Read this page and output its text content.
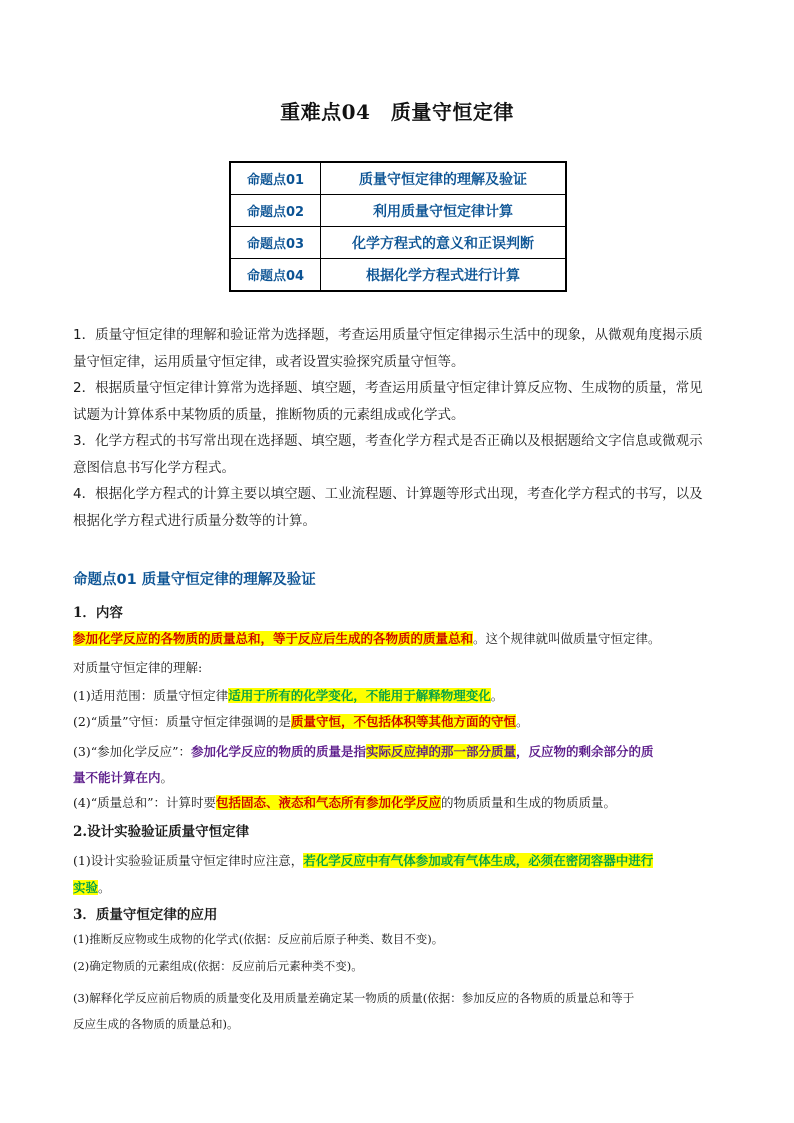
重难点04　质量守恒定律
命题点01	质量守恒定律的理解及验证
命题点02	利用质量守恒定律计算
命题点03	化学方程式的意义和正误判断
命题点04	根据化学方程式进行计算

1．质量守恒定律的理解和验证常为选择题，考查运用质量守恒定律揭示生活中的现象，从微观角度揭示质

量守恒定律，运用质量守恒定律，或者设置实验探究质量守恒等。

2．根据质量守恒定律计算常为选择题、填空题，考查运用质量守恒定律计算反应物、生成物的质量，常见

试题为计算体系中某物质的质量，推断物质的元素组成或化学式。

3．化学方程式的书写常出现在选择题、填空题，考查化学方程式是否正确以及根据题给文字信息或微观示

意图信息书写化学方程式。

4．根据化学方程式的计算主要以填空题、工业流程题、计算题等形式出现，考查化学方程式的书写，以及

根据化学方程式进行质量分数等的计算。

命题点01 质量守恒定律的理解及验证
1．内容
参加化学反应的各物质的质量总和，等于反应后生成的各物质的质量总和。这个规律就叫做质量守恒定律。
对质量守恒定律的理解:
(1)适用范围：质量守恒定律适用于所有的化学变化，不能用于解释物理变化。
(2)“质量”守恒：质量守恒定律强调的是质量守恒，不包括体积等其他方面的守恒。

(3)“参加化学反应”：参加化学反应的物质的质量是指实际反应掉的那一部分质量，反应物的剩余部分的质

量不能计算在内。

(4)“质量总和”：计算时要包括固态、液态和气态所有参加化学反应的物质质量和生成的物质质量。
2.设计实验验证质量守恒定律

(1)设计实验验证质量守恒定律时应注意，若化学反应中有气体参加或有气体生成，必须在密闭容器中进行

实验。

3．质量守恒定律的应用
(1)推断反应物或生成物的化学式(依据：反应前后原子种类、数目不变)。
(2)确定物质的元素组成(依据：反应前后元素种类不变)。

(3)解释化学反应前后物质的质量变化及用质量差确定某一物质的质量(依据：参加反应的各物质的质量总和等于

反应生成的各物质的质量总和)。
